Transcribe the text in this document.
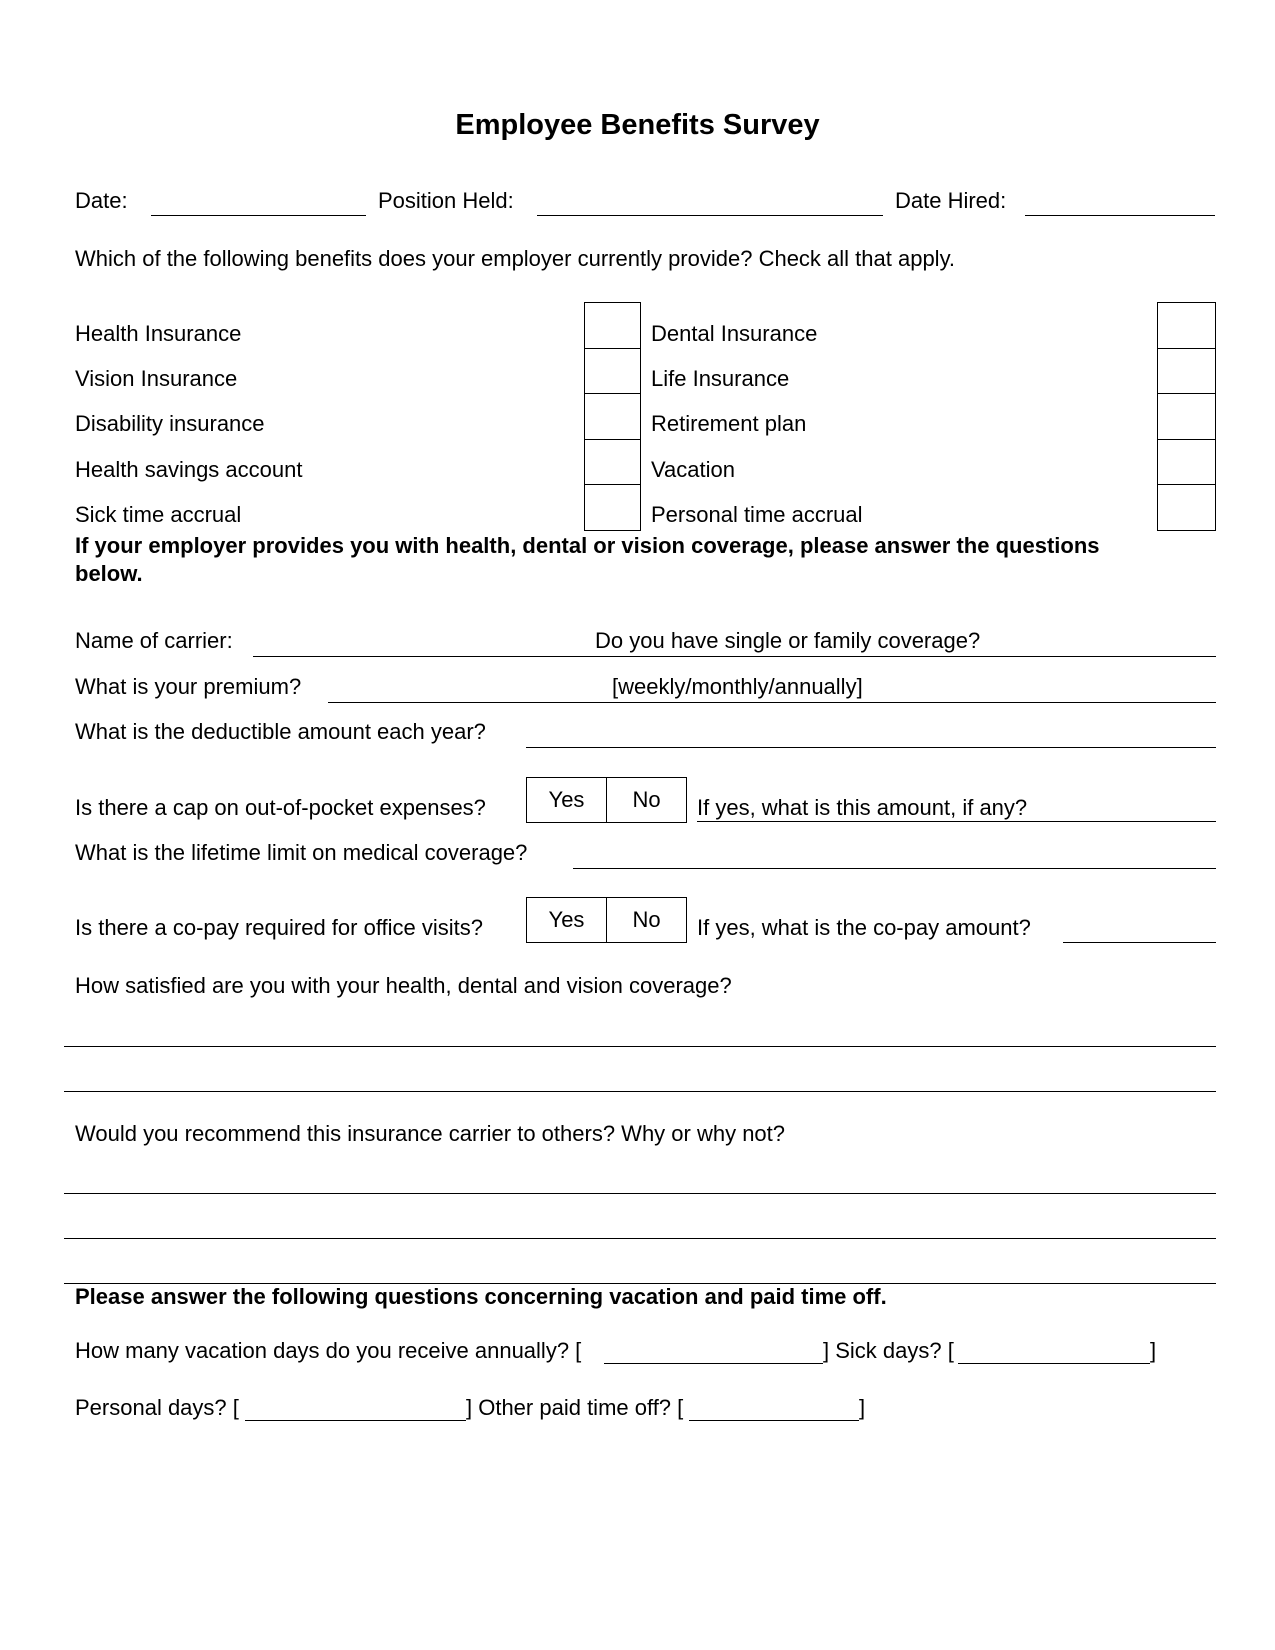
Employee Benefits Survey
Date:	Position Held:	Date Hired:
Which of the following benefits does your employer currently provide? Check all that apply.
Health Insurance
Vision Insurance
Disability insurance
Health savings account
Sick time accrual
Dental Insurance
Life Insurance
Retirement plan
Vacation
Personal time accrual
If your employer provides you with health, dental or vision coverage, please answer the questions
below.
Name of carrier:	Do you have single or family coverage?
What is your premium?	[weekly/monthly/annually]
What is the deductible amount each year?
Is there a cap on out-of-pocket expenses?	Yes	No	If yes, what is this amount, if any?
What is the lifetime limit on medical coverage?
Is there a co-pay required for office visits?	Yes	No	If yes, what is the co-pay amount?
How satisfied are you with your health, dental and vision coverage?
Would you recommend this insurance carrier to others? Why or why not?
Please answer the following questions concerning vacation and paid time off.
How many vacation days do you receive annually? [	] Sick days? [	]
Personal days? [	] Other paid time off? [	]
